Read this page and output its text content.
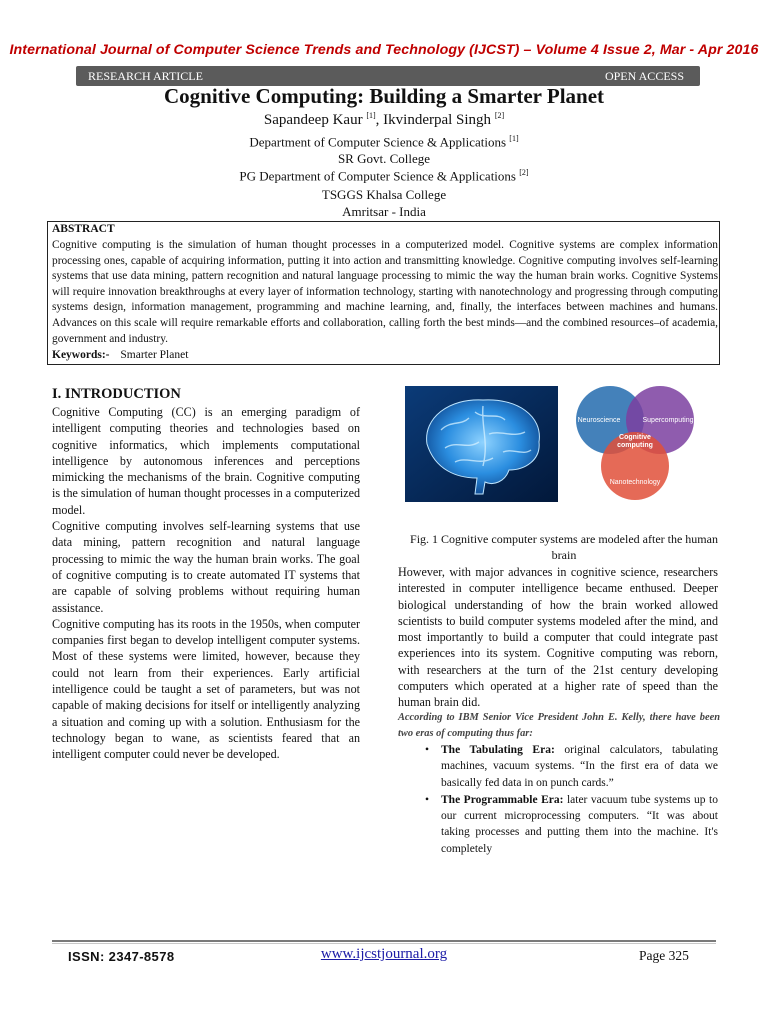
International Journal of Computer Science Trends and Technology (IJCST) – Volume 4 Issue 2, Mar - Apr 2016
RESEARCH ARTICLE	OPEN ACCESS
Cognitive Computing: Building a Smarter Planet
Sapandeep Kaur [1], Ikvinderpal Singh [2]
Department of Computer Science & Applications [1]
SR Govt. College
PG Department of Computer Science & Applications [2]
TSGGS Khalsa College
Amritsar - India
ABSTRACT
Cognitive computing is the simulation of human thought processes in a computerized model. Cognitive systems are complex information processing ones, capable of acquiring information, putting it into action and transmitting knowledge. Cognitive computing involves self-learning systems that use data mining, pattern recognition and natural language processing to mimic the way the human brain works. Cognitive Systems will require innovation breakthroughs at every layer of information technology, starting with nanotechnology and progressing through computing systems design, information management, programming and machine learning, and, finally, the interfaces between machines and humans. Advances on this scale will require remarkable efforts and collaboration, calling forth the best minds—and the combined resources–of academia, government and industry.
Keywords:- Smarter Planet
I. INTRODUCTION

Cognitive Computing (CC) is an emerging paradigm of intelligent computing theories and technologies based on cognitive informatics, which implements computational intelligence by autonomous inferences and perceptions mimicking the mechanisms of the brain. Cognitive computing is the simulation of human thought processes in a computerized model.

Cognitive computing involves self-learning systems that use data mining, pattern recognition and natural language processing to mimic the way the human brain works. The goal of cognitive computing is to create automated IT systems that are capable of solving problems without requiring human assistance.

Cognitive computing has its roots in the 1950s, when computer companies first began to develop intelligent computer systems. Most of these systems were limited, however, because they could not learn from their experiences. Early artificial intelligence could be taught a set of parameters, but was not capable of making decisions for itself or intelligently analyzing a situation and coming up with a solution. Enthusiasm for the technology began to wane, as scientists feared that an intelligent computer could never be developed.

Neuroscience	Supercomputing
Cognitive
computing
Nanotechnology
Fig. 1 Cognitive computer systems are modeled after the human brain

However, with major advances in cognitive science, researchers interested in computer intelligence became enthused. Deeper biological understanding of how the brain worked allowed scientists to build computer systems modeled after the mind, and most importantly to build a computer that could integrate past experiences into its system. Cognitive computing was reborn, with researchers at the turn of the 21st century developing computers which operated at a higher rate of speed than the human brain did.

According to IBM Senior Vice President John E. Kelly, there have been two eras of computing thus far:
• The Tabulating Era: original calculators, tabulating machines, vacuum systems. “In the first era of data we basically fed data in on punch cards.”
• The Programmable Era: later vacuum tube systems up to our current microprocessing computers. “It was about taking processes and putting them into the machine. It's completely
ISSN: 2347-8578	www.ijcstjournal.org	Page 325
